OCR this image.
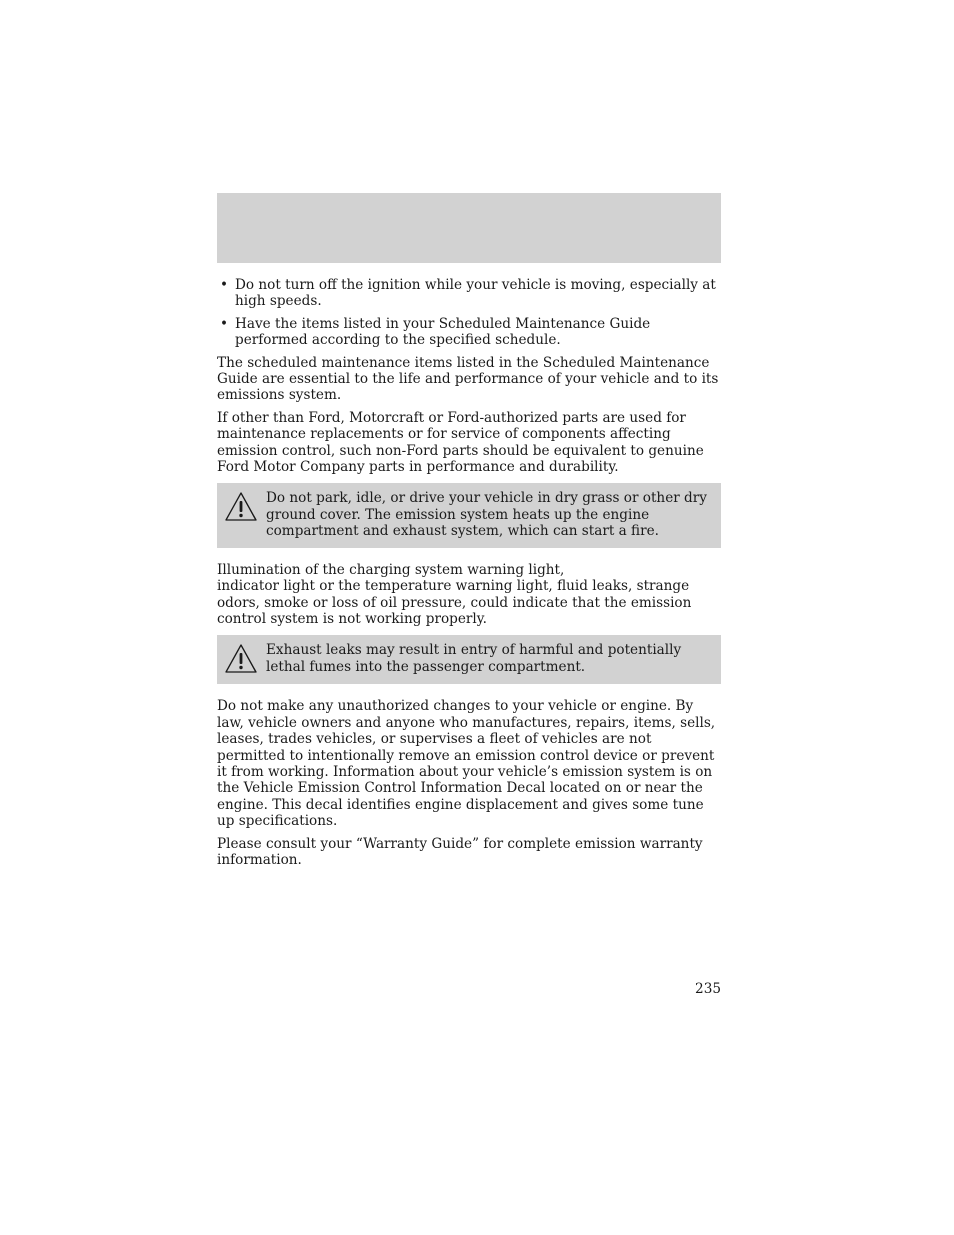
• Do not turn off the ignition while your vehicle is moving, especially at high speeds.
• Have the items listed in your Scheduled Maintenance Guide performed according to the specified schedule.

The scheduled maintenance items listed in the Scheduled Maintenance Guide are essential to the life and performance of your vehicle and to its emissions system.

If other than Ford, Motorcraft or Ford-authorized parts are used for maintenance replacements or for service of components affecting emission control, such non-Ford parts should be equivalent to genuine Ford Motor Company parts in performance and durability.

Do not park, idle, or drive your vehicle in dry grass or other dry ground cover. The emission system heats up the engine compartment and exhaust system, which can start a fire.

Illumination of the charging system warning light,
indicator light or the temperature warning light, fluid leaks, strange odors, smoke or loss of oil pressure, could indicate that the emission control system is not working properly.

Exhaust leaks may result in entry of harmful and potentially lethal fumes into the passenger compartment.

Do not make any unauthorized changes to your vehicle or engine. By law, vehicle owners and anyone who manufactures, repairs, items, sells, leases, trades vehicles, or supervises a fleet of vehicles are not permitted to intentionally remove an emission control device or prevent it from working. Information about your vehicle’s emission system is on the Vehicle Emission Control Information Decal located on or near the engine. This decal identifies engine displacement and gives some tune up specifications.

Please consult your “Warranty Guide” for complete emission warranty information.

235
